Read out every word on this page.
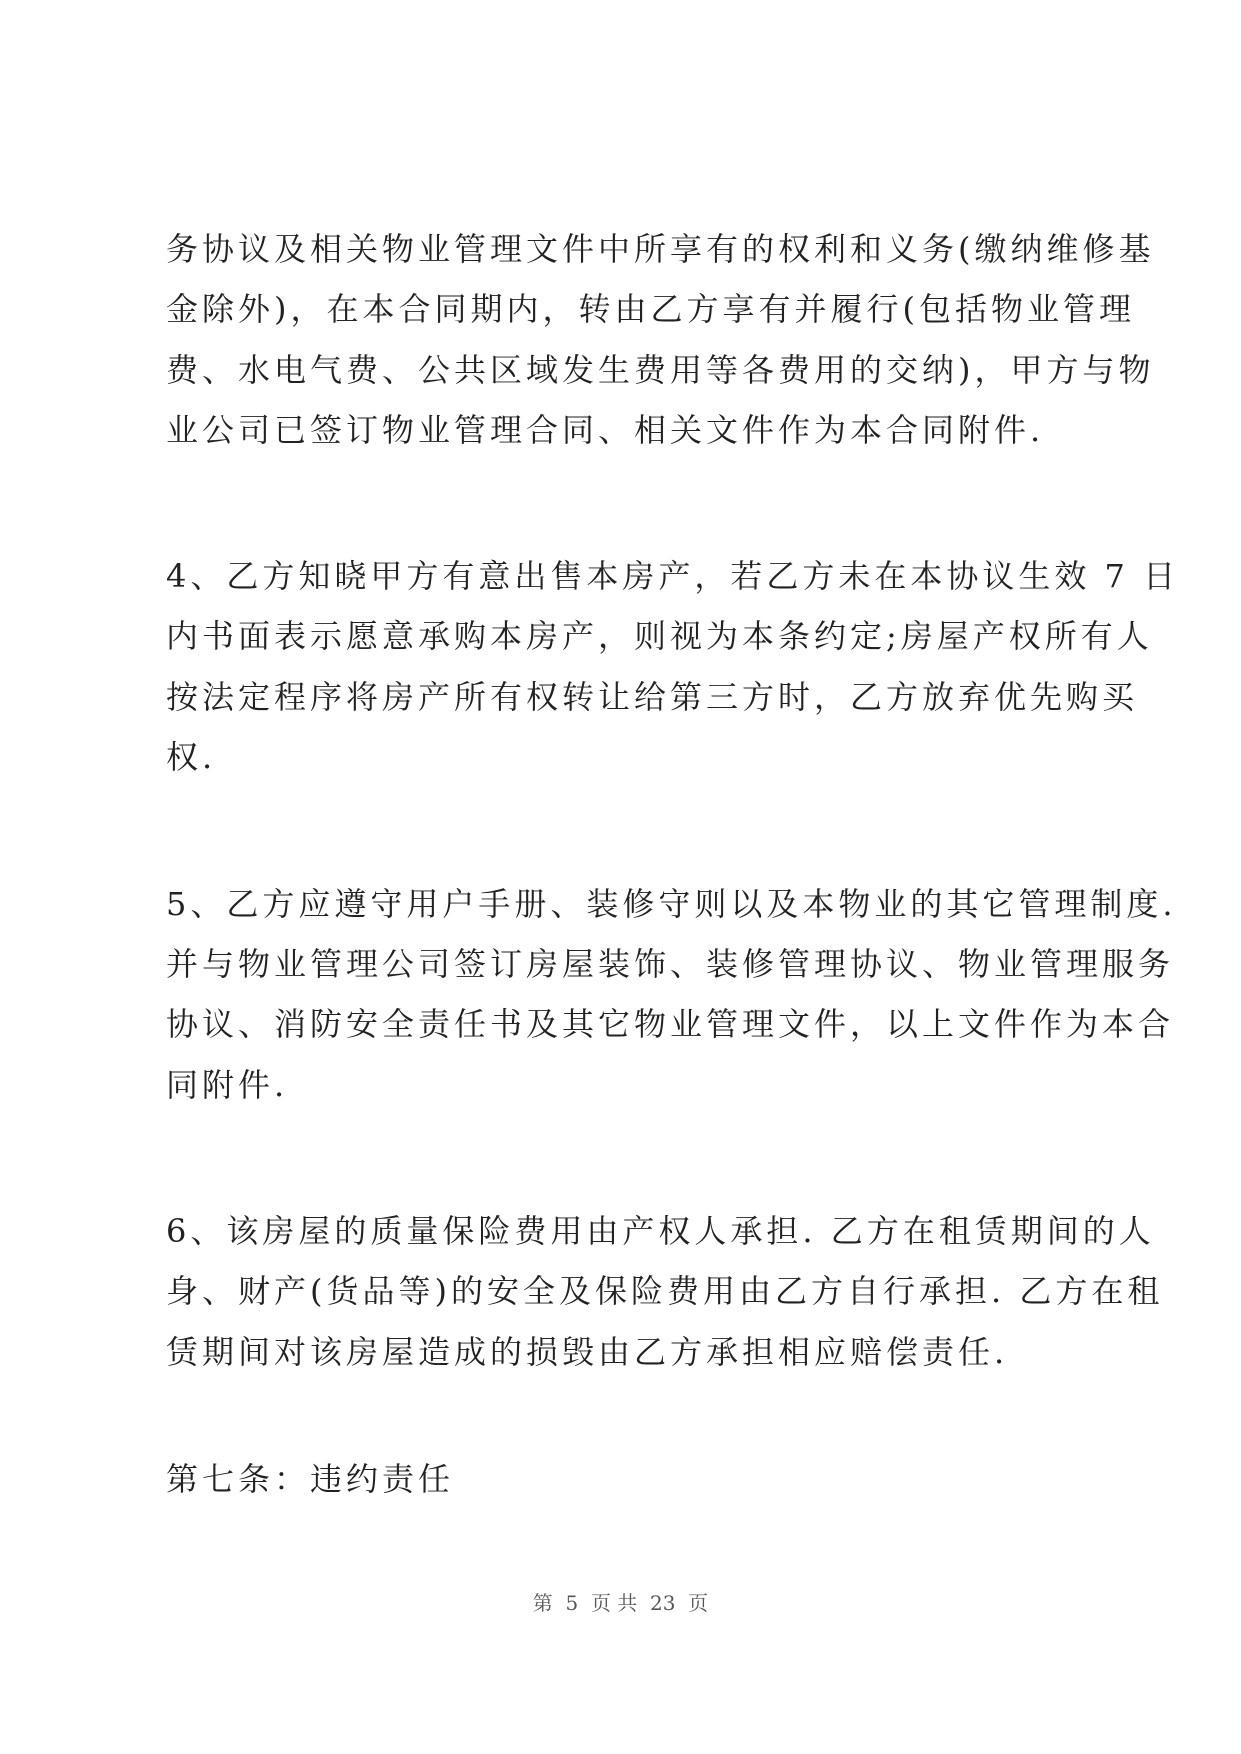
务协议及相关物业管理文件中所享有的权利和义务(缴纳维修基
金除外)，在本合同期内，转由乙方享有并履行(包括物业管理
费、水电气费、公共区域发生费用等各费用的交纳)，甲方与物
业公司已签订物业管理合同、相关文件作为本合同附件.
4、乙方知晓甲方有意出售本房产，若乙方未在本协议生效 7 日
内书面表示愿意承购本房产，则视为本条约定;房屋产权所有人
按法定程序将房产所有权转让给第三方时，乙方放弃优先购买
权.
5、乙方应遵守用户手册、装修守则以及本物业的其它管理制度.
并与物业管理公司签订房屋装饰、装修管理协议、物业管理服务
协议、消防安全责任书及其它物业管理文件，以上文件作为本合
同附件.
6、该房屋的质量保险费用由产权人承担. 乙方在租赁期间的人
身、财产(货品等)的安全及保险费用由乙方自行承担. 乙方在租
赁期间对该房屋造成的损毁由乙方承担相应赔偿责任.
第七条：违约责任
第  5  页 共  23  页
